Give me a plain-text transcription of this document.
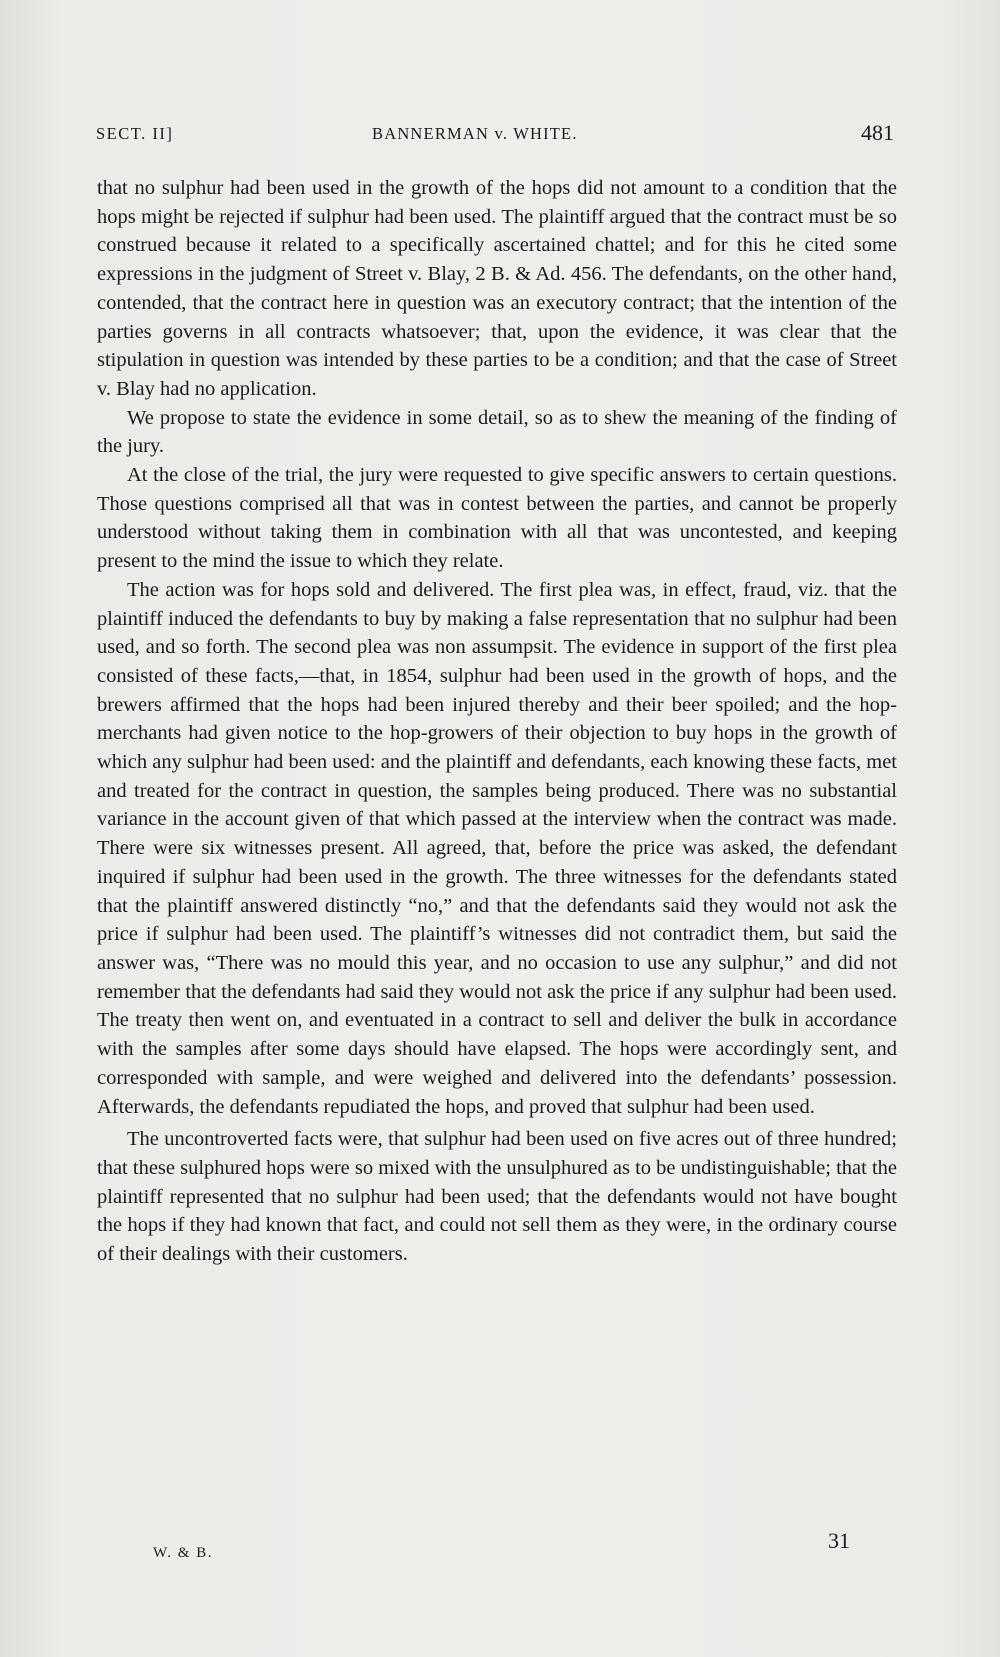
SECT. II]	BANNERMAN v. WHITE.	481

that no sulphur had been used in the growth of the hops did not amount to a condition that the hops might be rejected if sulphur had been used. The plaintiff argued that the contract must be so construed because it related to a specifically ascertained chattel; and for this he cited some expressions in the judgment of Street v. Blay, 2 B. & Ad. 456. The defendants, on the other hand, contended, that the contract here in question was an executory contract; that the intention of the parties governs in all contracts whatsoever; that, upon the evidence, it was clear that the stipulation in question was intended by these parties to be a condition; and that the case of Street v. Blay had no application.

We propose to state the evidence in some detail, so as to shew the meaning of the finding of the jury.

At the close of the trial, the jury were requested to give specific answers to certain questions. Those questions comprised all that was in contest between the parties, and cannot be properly understood without taking them in combination with all that was uncontested, and keeping present to the mind the issue to which they relate.

The action was for hops sold and delivered. The first plea was, in effect, fraud, viz. that the plaintiff induced the defendants to buy by making a false representation that no sulphur had been used, and so forth. The second plea was non assumpsit. The evidence in support of the first plea consisted of these facts,—that, in 1854, sulphur had been used in the growth of hops, and the brewers affirmed that the hops had been injured thereby and their beer spoiled; and the hop-merchants had given notice to the hop-growers of their objection to buy hops in the growth of which any sulphur had been used: and the plaintiff and defendants, each knowing these facts, met and treated for the contract in question, the samples being produced. There was no substantial variance in the account given of that which passed at the interview when the contract was made. There were six witnesses present. All agreed, that, before the price was asked, the defendant inquired if sulphur had been used in the growth. The three witnesses for the defendants stated that the plaintiff answered distinctly “no,” and that the defendants said they would not ask the price if sulphur had been used. The plaintiff’s witnesses did not contradict them, but said the answer was, “There was no mould this year, and no occasion to use any sulphur,” and did not remember that the defendants had said they would not ask the price if any sulphur had been used. The treaty then went on, and eventuated in a contract to sell and deliver the bulk in accordance with the samples after some days should have elapsed. The hops were accordingly sent, and corresponded with sample, and were weighed and delivered into the defendants’ possession. Afterwards, the defendants repudiated the hops, and proved that sulphur had been used.

The uncontroverted facts were, that sulphur had been used on five acres out of three hundred; that these sulphured hops were so mixed with the unsulphured as to be undistinguishable; that the plaintiff represented that no sulphur had been used; that the defendants would not have bought the hops if they had known that fact, and could not sell them as they were, in the ordinary course of their dealings with their customers.

W. & B.	31
